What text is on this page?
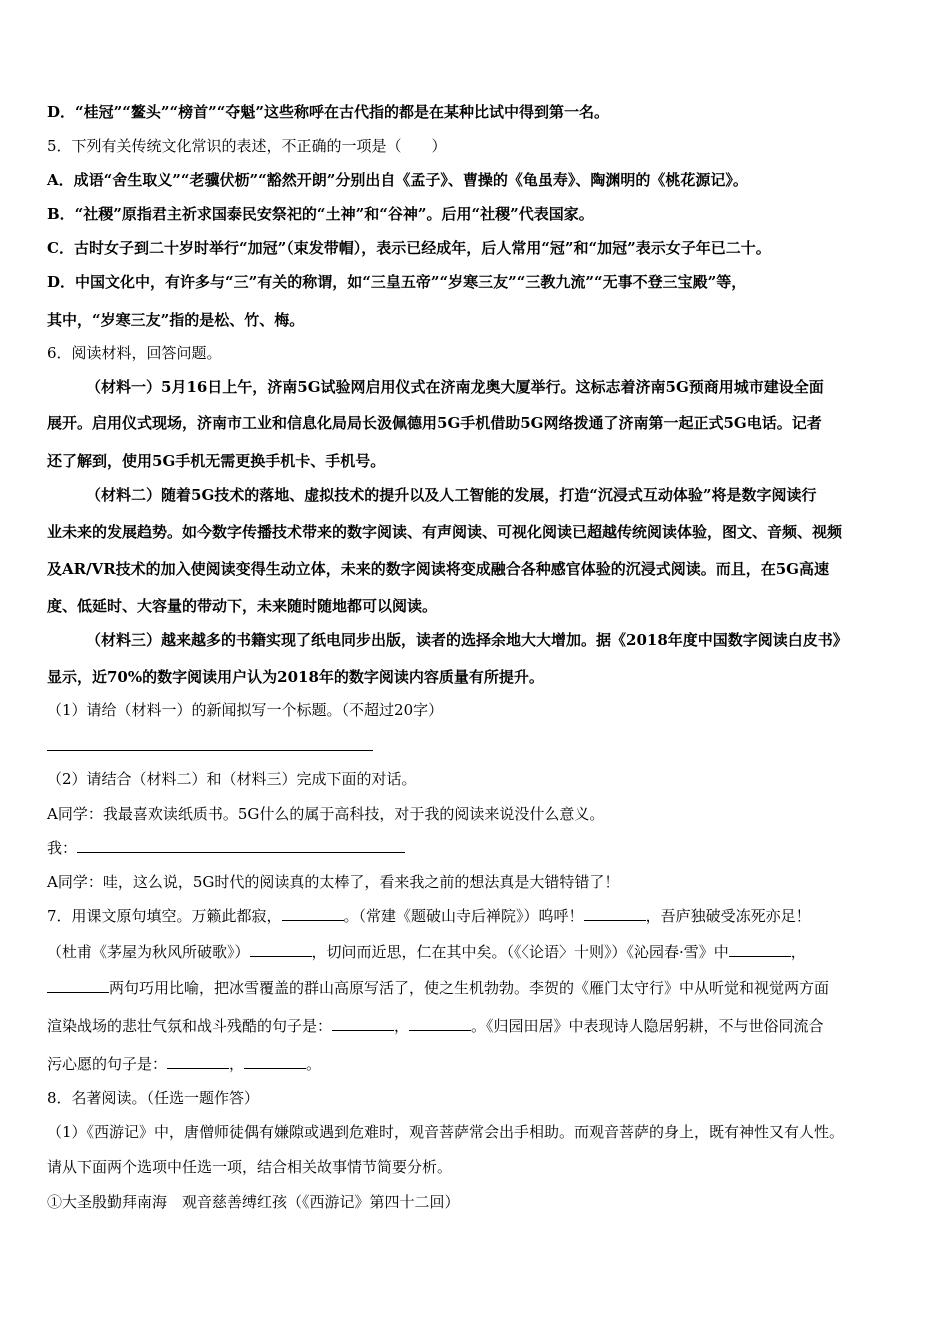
D．“桂冠”“鳌头”“榜首”“夺魁”这些称呼在古代指的都是在某种比试中得到第一名。
5．下列有关传统文化常识的表述，不正确的一项是（　　）
A．成语“舍生取义”“老骥伏枥”“豁然开朗”分别出自《孟子》、曹操的《龟虽寿》、陶渊明的《桃花源记》。
B．“社稷”原指君主祈求国泰民安祭祀的“土神”和“谷神”。后用“社稷”代表国家。
C．古时女子到二十岁时举行“加冠”（束发带帽），表示已经成年，后人常用“冠”和“加冠”表示女子年已二十。
D．中国文化中，有许多与“三”有关的称谓，如“三皇五帝”“岁寒三友”“三教九流”“无事不登三宝殿”等，
其中，“岁寒三友”指的是松、竹、梅。
6．阅读材料，回答问题。
（材料一）5月16日上午，济南5G试验网启用仪式在济南龙奥大厦举行。这标志着济南5G预商用城市建设全面
展开。启用仪式现场，济南市工业和信息化局局长汲佩德用5G手机借助5G网络拨通了济南第一起正式5G电话。记者
还了解到，使用5G手机无需更换手机卡、手机号。
（材料二）随着5G技术的落地、虚拟技术的提升以及人工智能的发展，打造“沉浸式互动体验”将是数字阅读行
业未来的发展趋势。如今数字传播技术带来的数字阅读、有声阅读、可视化阅读已超越传统阅读体验，图文、音频、视频
及AR/VR技术的加入使阅读变得生动立体，未来的数字阅读将变成融合各种感官体验的沉浸式阅读。而且，在5G高速
度、低延时、大容量的带动下，未来随时随地都可以阅读。
（材料三）越来越多的书籍实现了纸电同步出版，读者的选择余地大大增加。据《2018年度中国数字阅读白皮书》
显示，近70%的数字阅读用户认为2018年的数字阅读内容质量有所提升。
（1）请给（材料一）的新闻拟写一个标题。（不超过20字）
（2）请结合（材料二）和（材料三）完成下面的对话。
A同学：我最喜欢读纸质书。5G什么的属于高科技，对于我的阅读来说没什么意义。
我：
A同学：哇，这么说，5G时代的阅读真的太棒了，看来我之前的想法真是大错特错了！
7．用课文原句填空。万籁此都寂，	。（常建《题破山寺后禅院》）呜呼！	，吾庐独破受冻死亦足！
（杜甫《茅屋为秋风所破歌》）	，切问而近思，仁在其中矣。（《〈论语〉十则》）《沁园春·雪》中	，
两句巧用比喻，把冰雪覆盖的群山高原写活了，使之生机勃勃。李贺的《雁门太守行》中从听觉和视觉两方面
渲染战场的悲壮气氛和战斗残酷的句子是：	，	。《归园田居》中表现诗人隐居躬耕，不与世俗同流合
污心愿的句子是：	，	。
8．名著阅读。（任选一题作答）
（1）《西游记》中，唐僧师徒偶有嫌隙或遇到危难时，观音菩萨常会出手相助。而观音菩萨的身上，既有神性又有人性。
请从下面两个选项中任选一项，结合相关故事情节简要分析。
①大圣殷勤拜南海　观音慈善缚红孩（《西游记》第四十二回）
